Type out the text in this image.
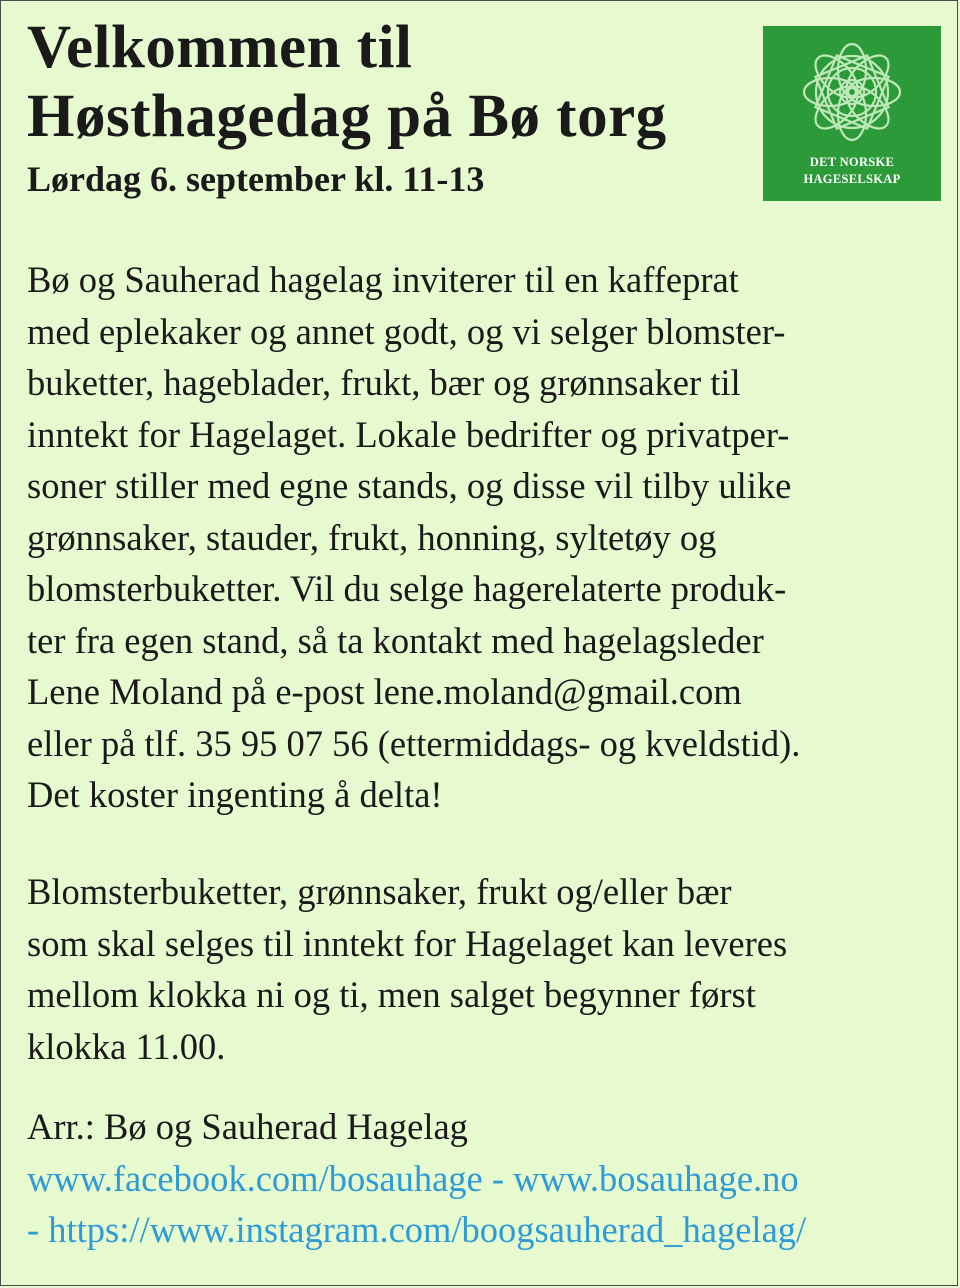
Velkommen til
Høsthagedag på Bø torg
Lørdag 6. september kl. 11-13	DET NORSKE
HAGESELSKAP
Bø og Sauherad hagelag inviterer til en kaffeprat
med eplekaker og annet godt, og vi selger blomster-
buketter, hageblader, frukt, bær og grønnsaker til
inntekt for Hagelaget. Lokale bedrifter og privatper-
soner stiller med egne stands, og disse vil tilby ulike
grønnsaker, stauder, frukt, honning, syltetøy og
blomsterbuketter. Vil du selge hagerelaterte produk-
ter fra egen stand, så ta kontakt med hagelagsleder
Lene Moland på e-post lene.moland@gmail.com
eller på tlf. 35 95 07 56 (ettermiddags- og kveldstid).
Det koster ingenting å delta!
Blomsterbuketter, grønnsaker, frukt og/eller bær
som skal selges til inntekt for Hagelaget kan leveres
mellom klokka ni og ti, men salget begynner først
klokka 11.00.
Arr.: Bø og Sauherad Hagelag
www.facebook.com/bosauhage - www.bosauhage.no
- https://www.instagram.com/boogsauherad_hagelag/
